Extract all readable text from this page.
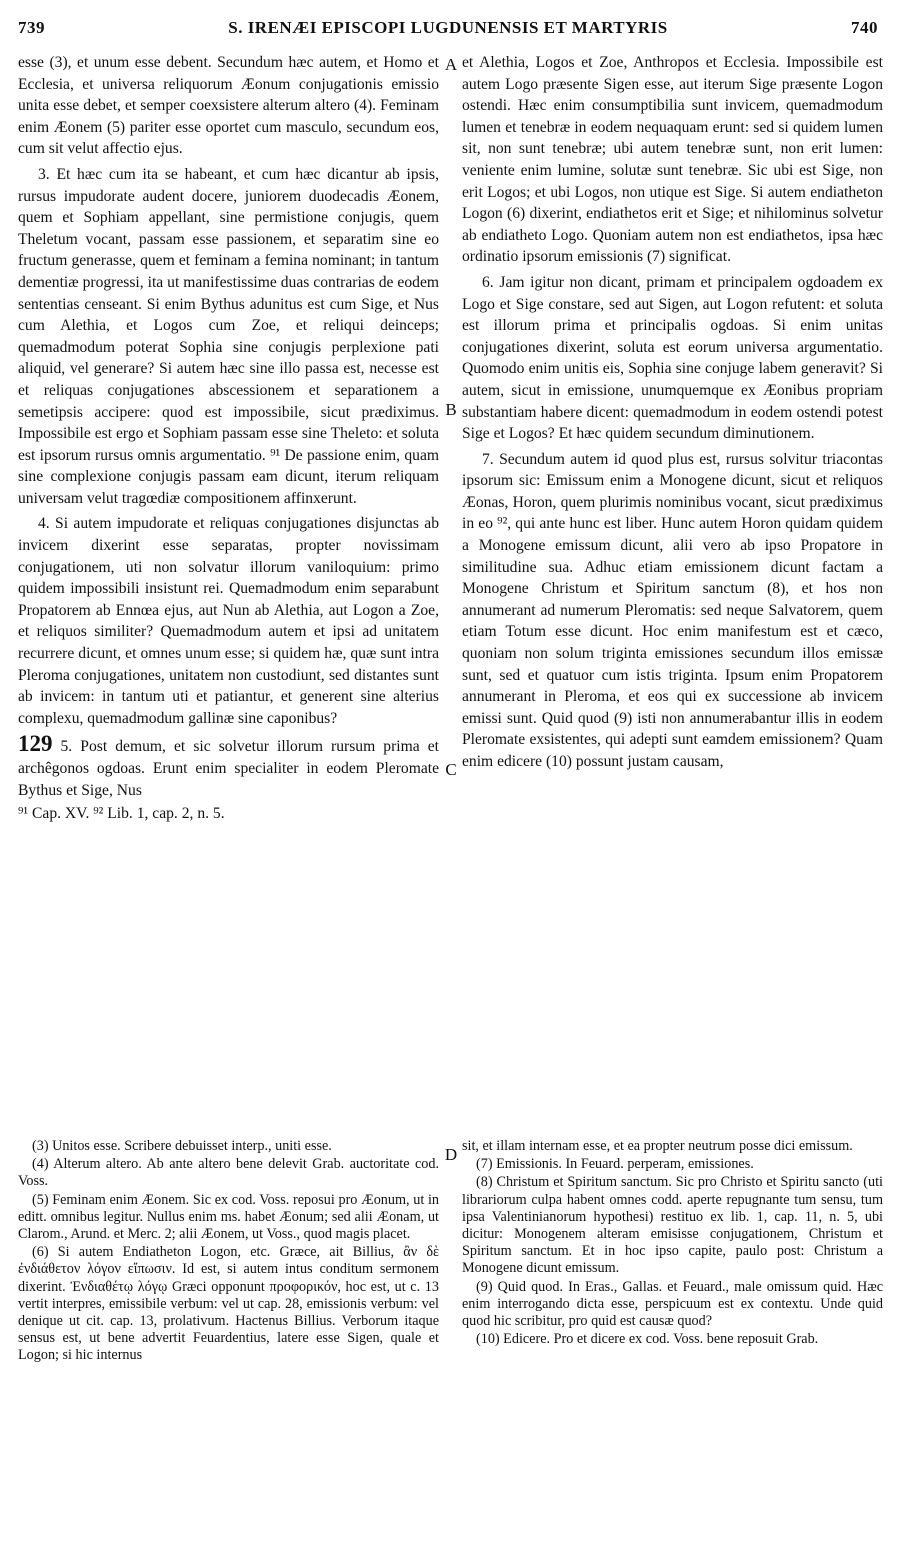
739	S. IRENÆI EPISCOPI LUGDUNENSIS ET MARTYRIS	740
A
B
C
D

esse (3), et unum esse debent. Secundum hæc autem, et Homo et Ecclesia, et universa reliquorum Æonum conjugationis emissio unita esse debet, et semper coexsistere alterum altero (4). Feminam enim Æonem (5) pariter esse oportet cum masculo, secundum eos, cum sit velut affectio ejus.

3. Et hæc cum ita se habeant, et cum hæc dicantur ab ipsis, rursus impudorate audent docere, juniorem duodecadis Æonem, quem et Sophiam appellant, sine permistione conjugis, quem Theletum vocant, passam esse passionem, et separatim sine eo fructum generasse, quem et feminam a femina nominant; in tantum dementiæ progressi, ita ut manifestissime duas contrarias de eodem sententias censeant. Si enim Bythus adunitus est cum Sige, et Nus cum Alethia, et Logos cum Zoe, et reliqui deinceps; quemadmodum poterat Sophia sine conjugis perplexione pati aliquid, vel generare? Si autem hæc sine illo passa est, necesse est et reliquas conjugationes abscessionem et separationem a semetipsis accipere: quod est impossibile, sicut prædiximus. Impossibile est ergo et Sophiam passam esse sine Theleto: et soluta est ipsorum rursus omnis argumentatio. ⁹¹ De passione enim, quam sine complexione conjugis passam eam dicunt, iterum reliquam universam velut tragœdiæ compositionem affinxerunt.

4. Si autem impudorate et reliquas conjugationes disjunctas ab invicem dixerint esse separatas, propter novissimam conjugationem, uti non solvatur illorum vaniloquium: primo quidem impossibili insistunt rei. Quemadmodum enim separabunt Propatorem ab Ennœa ejus, aut Nun ab Alethia, aut Logon a Zoe, et reliquos similiter? Quemadmodum autem et ipsi ad unitatem recurrere dicunt, et omnes unum esse; si quidem hæ, quæ sunt intra Pleroma conjugationes, unitatem non custodiunt, sed distantes sunt ab invicem: in tantum uti et patiantur, et generent sine alterius complexu, quemadmodum gallinæ sine caponibus?

129 5. Post demum, et sic solvetur illorum rursum prima et archêgonos ogdoas. Erunt enim specialiter in eodem Pleromate Bythus et Sige, Nus

⁹¹ Cap. XV. ⁹² Lib. 1, cap. 2, n. 5.

et Alethia, Logos et Zoe, Anthropos et Ecclesia. Impossibile est autem Logo præsente Sigen esse, aut iterum Sige præsente Logon ostendi. Hæc enim consumptibilia sunt invicem, quemadmodum lumen et tenebræ in eodem nequaquam erunt: sed si quidem lumen sit, non sunt tenebræ; ubi autem tenebræ sunt, non erit lumen: veniente enim lumine, solutæ sunt tenebræ. Sic ubi est Sige, non erit Logos; et ubi Logos, non utique est Sige. Si autem endiatheton Logon (6) dixerint, endiathetos erit et Sige; et nihilominus solvetur ab endiatheto Logo. Quoniam autem non est endiathetos, ipsa hæc ordinatio ipsorum emissionis (7) significat.

6. Jam igitur non dicant, primam et principalem ogdoadem ex Logo et Sige constare, sed aut Sigen, aut Logon refutent: et soluta est illorum prima et principalis ogdoas. Si enim unitas conjugationes dixerint, soluta est eorum universa argumentatio. Quomodo enim unitis eis, Sophia sine conjuge labem generavit? Si autem, sicut in emissione, unumquemque ex Æonibus propriam substantiam habere dicent: quemadmodum in eodem ostendi potest Sige et Logos? Et hæc quidem secundum diminutionem.

7. Secundum autem id quod plus est, rursus solvitur triacontas ipsorum sic: Emissum enim a Monogene dicunt, sicut et reliquos Æonas, Horon, quem plurimis nominibus vocant, sicut prædiximus in eo ⁹², qui ante hunc est liber. Hunc autem Horon quidam quidem a Monogene emissum dicunt, alii vero ab ipso Propatore in similitudine sua. Adhuc etiam emissionem dicunt factam a Monogene Christum et Spiritum sanctum (8), et hos non annumerant ad numerum Pleromatis: sed neque Salvatorem, quem etiam Totum esse dicunt. Hoc enim manifestum est et cæco, quoniam non solum triginta emissiones secundum illos emissæ sunt, sed et quatuor cum istis triginta. Ipsum enim Propatorem annumerant in Pleroma, et eos qui ex successione ab invicem emissi sunt. Quid quod (9) isti non annumerabantur illis in eodem Pleromate exsistentes, qui adepti sunt eamdem emissionem? Quam enim edicere (10) possunt justam causam,

(3) Unitos esse. Scribere debuisset interp., uniti esse.

(4) Alterum altero. Ab ante altero bene delevit Grab. auctoritate cod. Voss.

(5) Feminam enim Æonem. Sic ex cod. Voss. reposui pro Æonum, ut in editt. omnibus legitur. Nullus enim ms. habet Æonum; sed alii Æonam, ut Clarom., Arund. et Merc. 2; alii Æonem, ut Voss., quod magis placet.

(6) Si autem Endiatheton Logon, etc. Græce, ait Billius, ἂν δὲ ἐνδιάθετον λόγον εἴπωσιν. Id est, si autem intus conditum sermonem dixerint. Ἐνδιαθέτῳ λόγῳ Græci opponunt προφορικόν, hoc est, ut c. 13 vertit interpres, emissibile verbum: vel ut cap. 28, emissionis verbum: vel denique ut cit. cap. 13, prolativum. Hactenus Billius. Verborum itaque sensus est, ut bene advertit Feuardentius, latere esse Sigen, quale et Logon; si hic internus

sit, et illam internam esse, et ea propter neutrum posse dici emissum.

(7) Emissionis. In Feuard. perperam, emissiones.

(8) Christum et Spiritum sanctum. Sic pro Christo et Spiritu sancto (uti librariorum culpa habent omnes codd. aperte repugnante tum sensu, tum ipsa Valentinianorum hypothesi) restituo ex lib. 1, cap. 11, n. 5, ubi dicitur: Monogenem alteram emisisse conjugationem, Christum et Spiritum sanctum. Et in hoc ipso capite, paulo post: Christum a Monogene dicunt emissum.

(9) Quid quod. In Eras., Gallas. et Feuard., male omissum quid. Hæc enim interrogando dicta esse, perspicuum est ex contextu. Unde quid quod hic scribitur, pro quid est causæ quod?

(10) Edicere. Pro et dicere ex cod. Voss. bene reposuit Grab.
